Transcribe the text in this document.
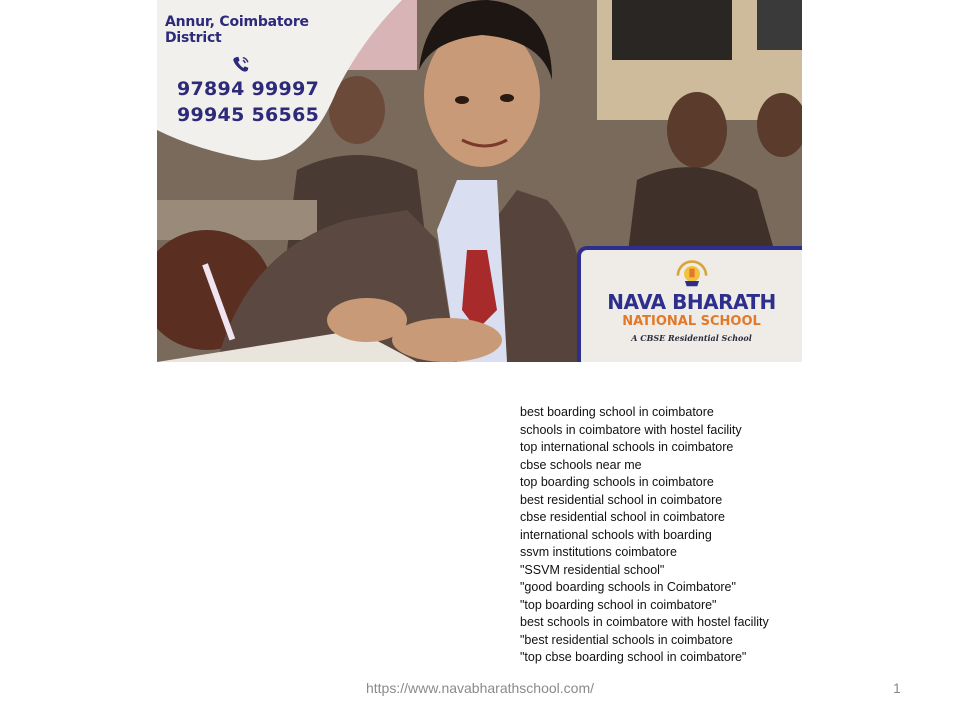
Annur, Coimbatore District
97894 99997
99945 56565
NAVA BHARATH
NATIONAL SCHOOL
A CBSE Residential School
best boarding school in coimbatore
schools in coimbatore with hostel facility
top international schools in coimbatore
cbse schools near me
top boarding schools in coimbatore
best residential school in coimbatore
cbse residential school in coimbatore
international schools with boarding
ssvm institutions coimbatore
"SSVM residential school"
"good boarding schools in Coimbatore"
"top boarding school in coimbatore"
best schools in coimbatore with hostel facility
"best residential schools in coimbatore
"top cbse boarding school in coimbatore"
https://www.navabharathschool.com/	1
